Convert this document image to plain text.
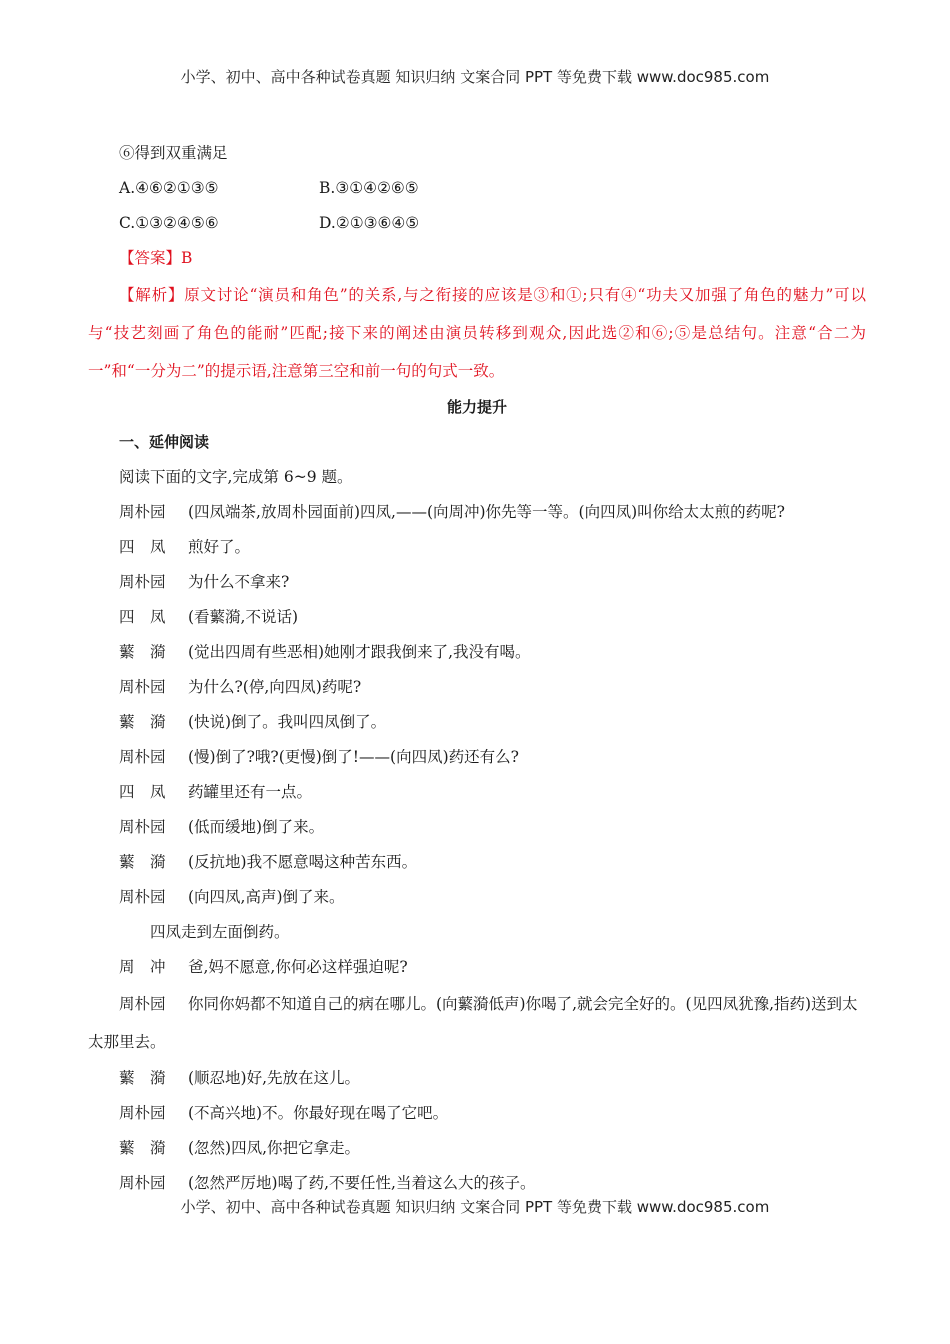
小学、初中、高中各种试卷真题 知识归纳 文案合同 PPT 等免费下载 www.doc985.com
⑥得到双重满足
A.④⑥②①③⑤	B.③①④②⑥⑤
C.①③②④⑤⑥	D.②①③⑥④⑤
【答案】B
【解析】原文讨论“演员和角色”的关系,与之衔接的应该是③和①;只有④“功夫又加强了角色的魅力”可以与“技艺刻画了角色的能耐”匹配;接下来的阐述由演员转移到观众,因此选②和⑥;⑤是总结句。注意“合二为一”和“一分为二”的提示语,注意第三空和前一句的句式一致。
能力提升
一、延伸阅读
阅读下面的文字,完成第 6~9 题。
周朴园 (四凤端茶,放周朴园面前)四凤,——(向周冲)你先等一等。(向四凤)叫你给太太煎的药呢?
四　凤 煎好了。
周朴园 为什么不拿来?
四　凤 (看蘩漪,不说话)
蘩　漪 (觉出四周有些恶相)她刚才跟我倒来了,我没有喝。
周朴园 为什么?(停,向四凤)药呢?
蘩　漪 (快说)倒了。我叫四凤倒了。
周朴园 (慢)倒了?哦?(更慢)倒了!——(向四凤)药还有么?
四　凤 药罐里还有一点。
周朴园 (低而缓地)倒了来。
蘩　漪 (反抗地)我不愿意喝这种苦东西。
周朴园 (向四凤,高声)倒了来。
四凤走到左面倒药。
周　冲 爸,妈不愿意,你何必这样强迫呢?
周朴园 你同你妈都不知道自己的病在哪儿。(向蘩漪低声)你喝了,就会完全好的。(见四凤犹豫,指药)送到太太那里去。
蘩　漪 (顺忍地)好,先放在这儿。
周朴园 (不高兴地)不。你最好现在喝了它吧。
蘩　漪 (忽然)四凤,你把它拿走。
周朴园 (忽然严厉地)喝了药,不要任性,当着这么大的孩子。
小学、初中、高中各种试卷真题 知识归纳 文案合同 PPT 等免费下载 www.doc985.com
